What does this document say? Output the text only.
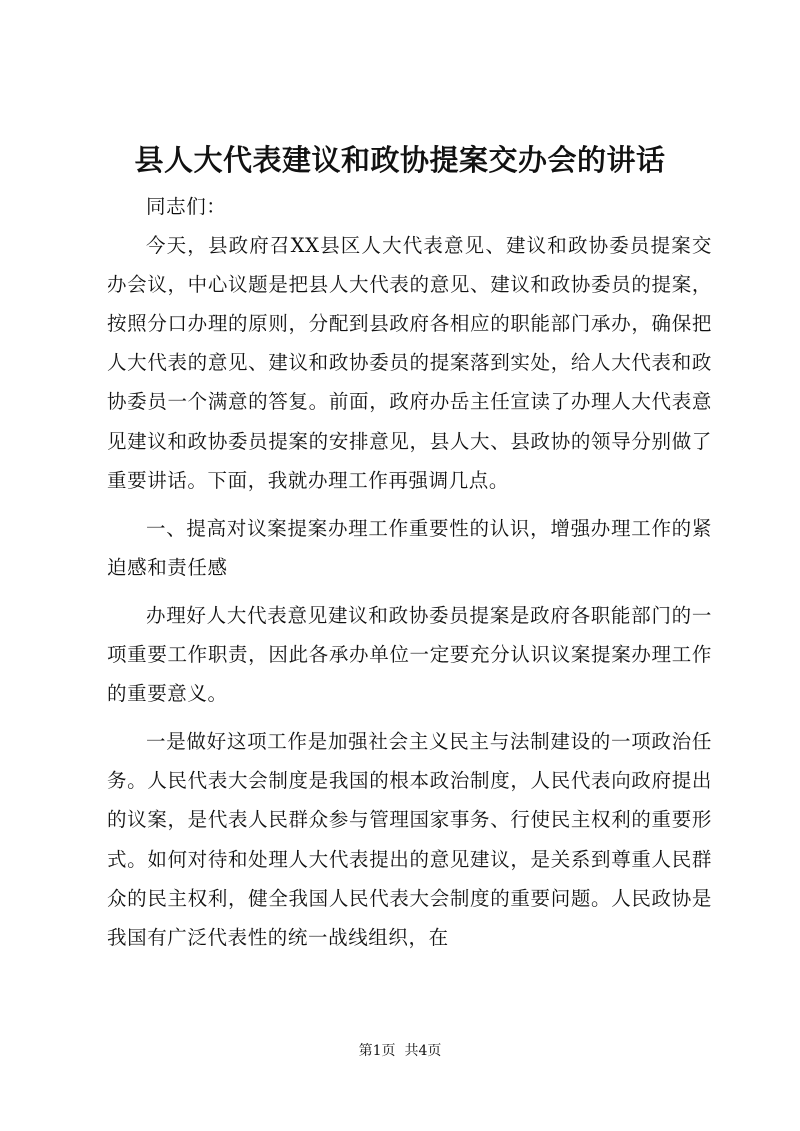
县人大代表建议和政协提案交办会的讲话

同志们：

今天，县政府召XX县区人大代表意见、建议和政协委员提案交办会议，中心议题是把县人大代表的意见、建议和政协委员的提案，按照分口办理的原则，分配到县政府各相应的职能部门承办，确保把人大代表的意见、建议和政协委员的提案落到实处，给人大代表和政协委员一个满意的答复。前面，政府办岳主任宣读了办理人大代表意见建议和政协委员提案的安排意见，县人大、县政协的领导分别做了重要讲话。下面，我就办理工作再强调几点。

一、提高对议案提案办理工作重要性的认识，增强办理工作的紧迫感和责任感

办理好人大代表意见建议和政协委员提案是政府各职能部门的一项重要工作职责，因此各承办单位一定要充分认识议案提案办理工作的重要意义。

一是做好这项工作是加强社会主义民主与法制建设的一项政治任务。人民代表大会制度是我国的根本政治制度，人民代表向政府提出的议案，是代表人民群众参与管理国家事务、行使民主权利的重要形式。如何对待和处理人大代表提出的意见建议，是关系到尊重人民群众的民主权利，健全我国人民代表大会制度的重要问题。人民政协是我国有广泛代表性的统一战线组织，在

第1页  共4页
